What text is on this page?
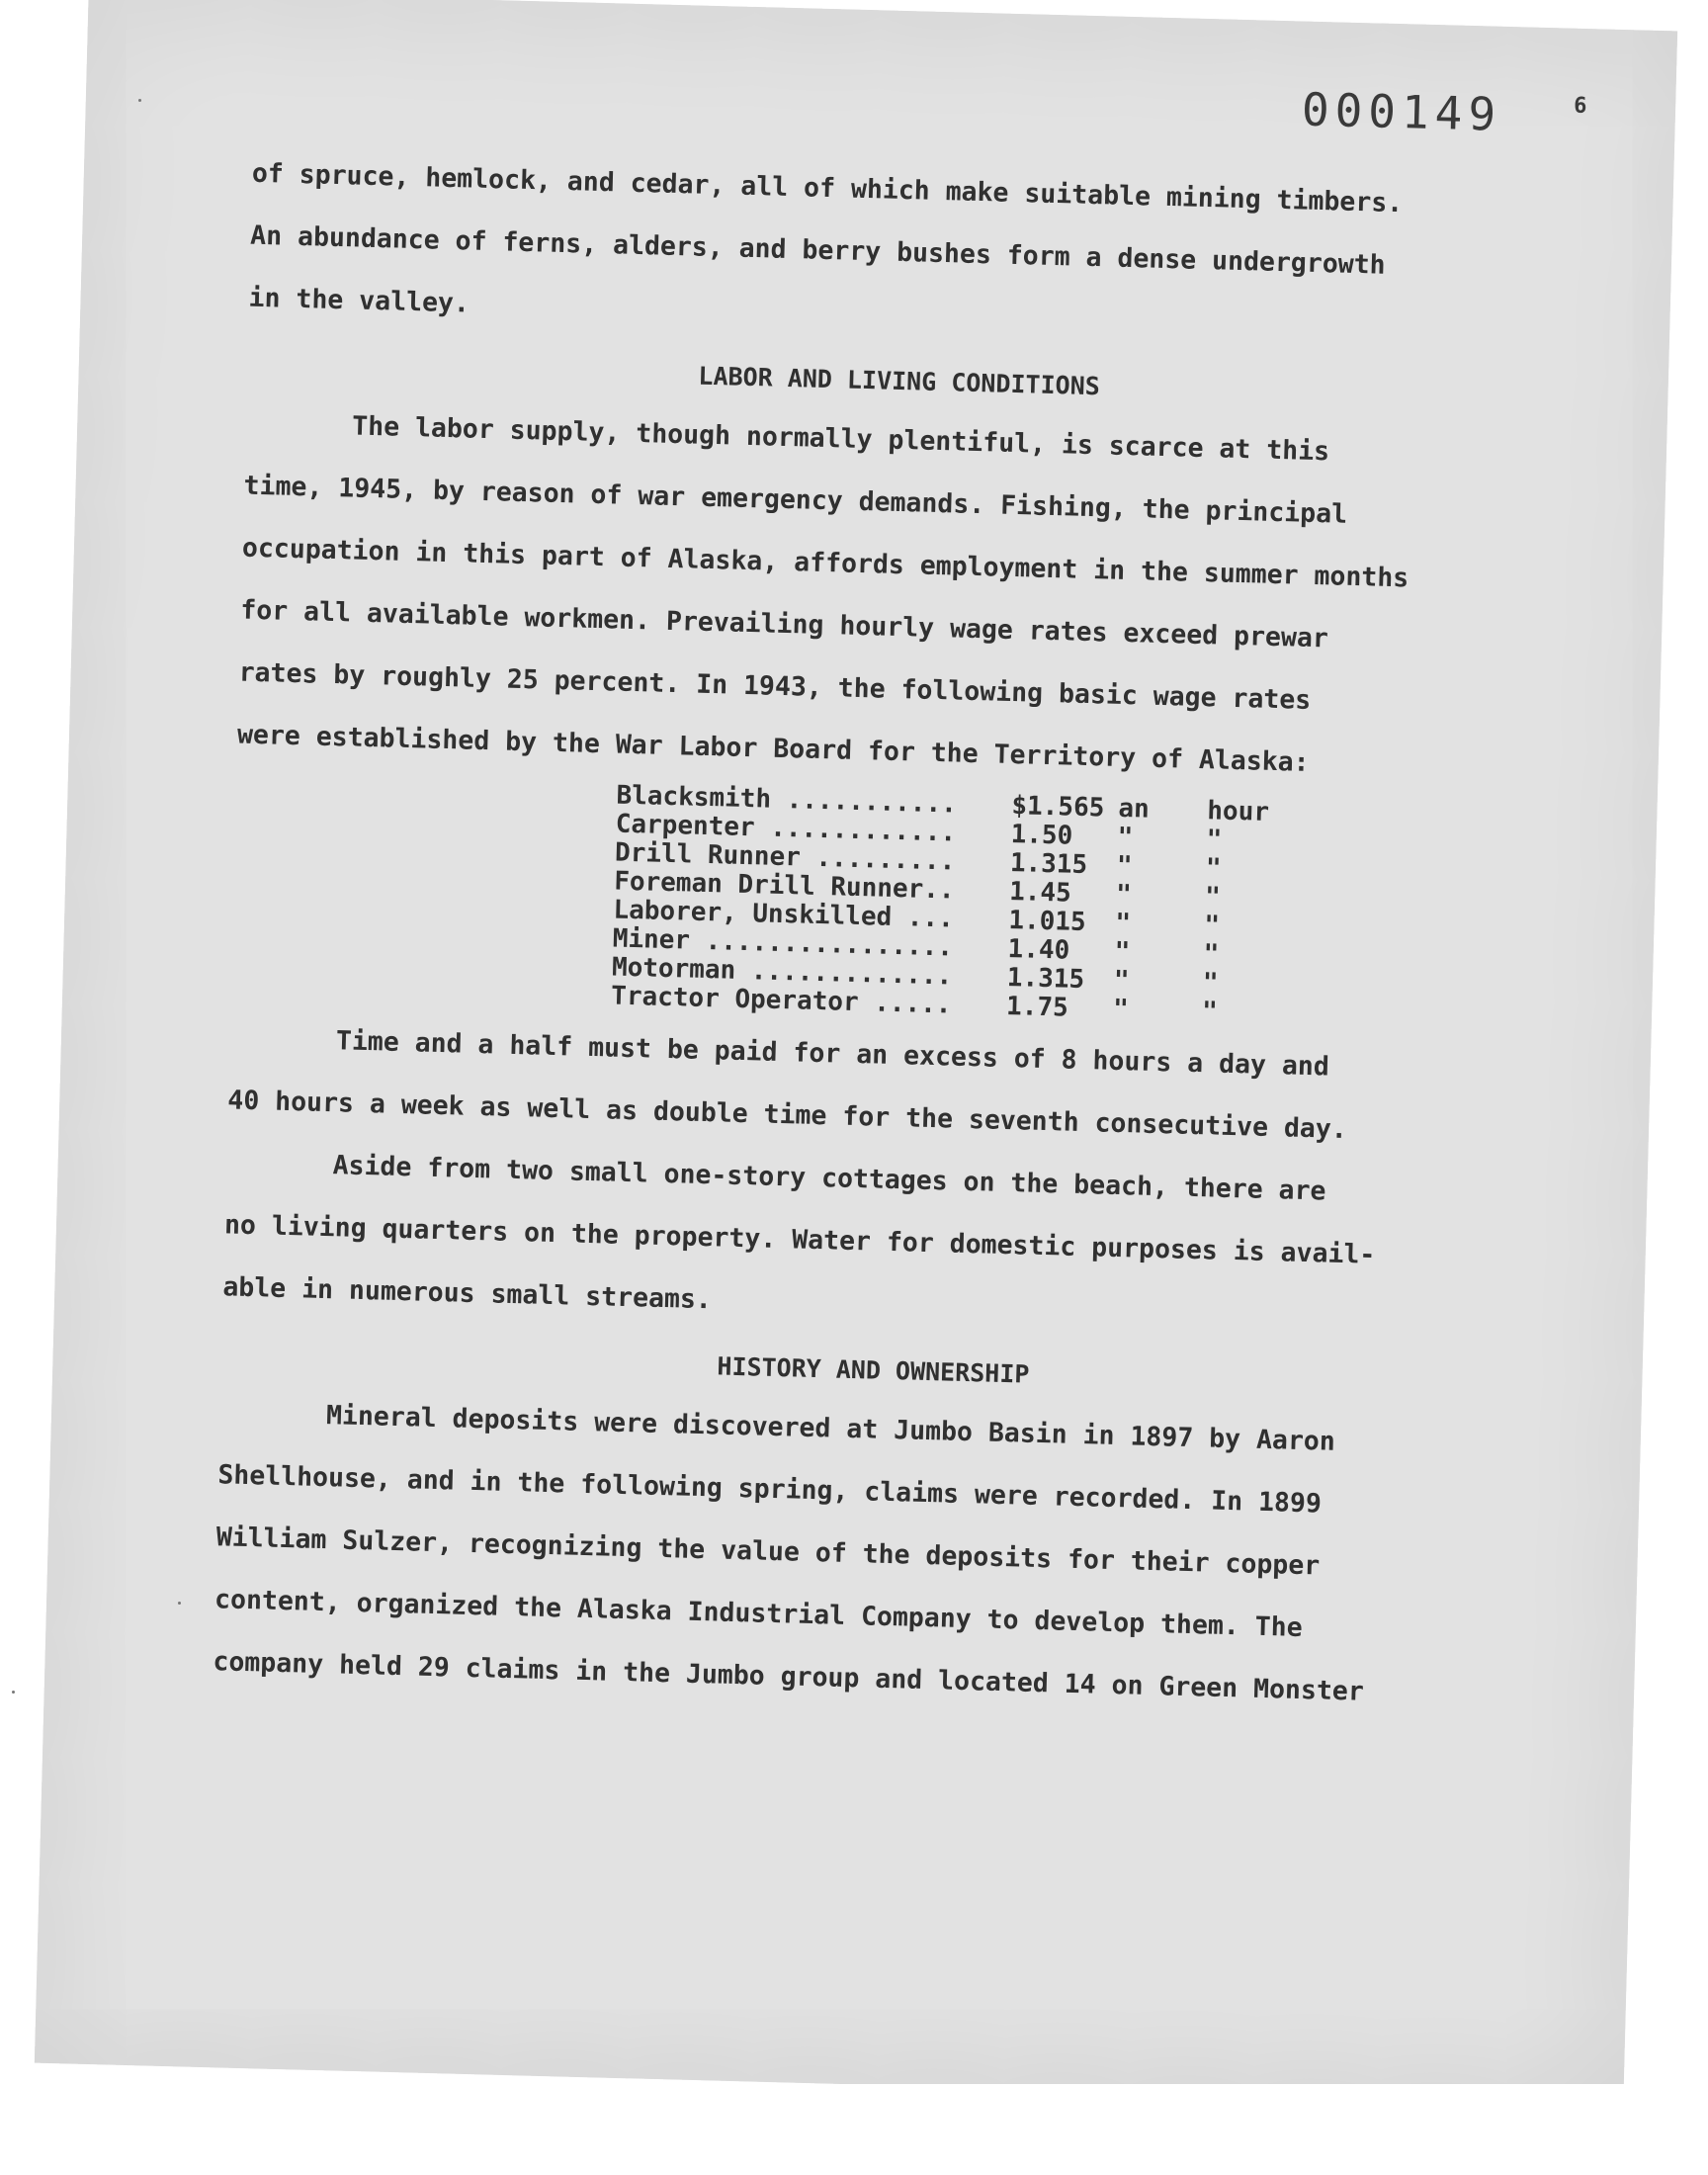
000149	6

of spruce, hemlock, and cedar, all of which make suitable mining timbers.
An abundance of ferns, alders, and berry bushes form a dense undergrowth
in the valley.

LABOR AND LIVING CONDITIONS

The labor supply, though normally plentiful, is scarce at this
time, 1945, by reason of war emergency demands. Fishing, the principal
occupation in this part of Alaska, affords employment in the summer months
for all available workmen. Prevailing hourly wage rates exceed prewar
rates by roughly 25 percent. In 1943, the following basic wage rates
were established by the War Labor Board for the Territory of Alaska:

Blacksmith ...........	$1.565	an	hour
Carpenter ............	1.50	"	"
Drill Runner .........	1.315	"	"
Foreman Drill Runner..	1.45	"	"
Laborer, Unskilled ...	1.015	"	"
Miner ................	1.40	"	"
Motorman .............	1.315	"	"
Tractor Operator .....	1.75	"	"

Time and a half must be paid for an excess of 8 hours a day and
40 hours a week as well as double time for the seventh consecutive day.

Aside from two small one-story cottages on the beach, there are
no living quarters on the property. Water for domestic purposes is avail-
able in numerous small streams.

HISTORY AND OWNERSHIP

Mineral deposits were discovered at Jumbo Basin in 1897 by Aaron
Shellhouse, and in the following spring, claims were recorded. In 1899
William Sulzer, recognizing the value of the deposits for their copper
content, organized the Alaska Industrial Company to develop them. The
company held 29 claims in the Jumbo group and located 14 on Green Monster
